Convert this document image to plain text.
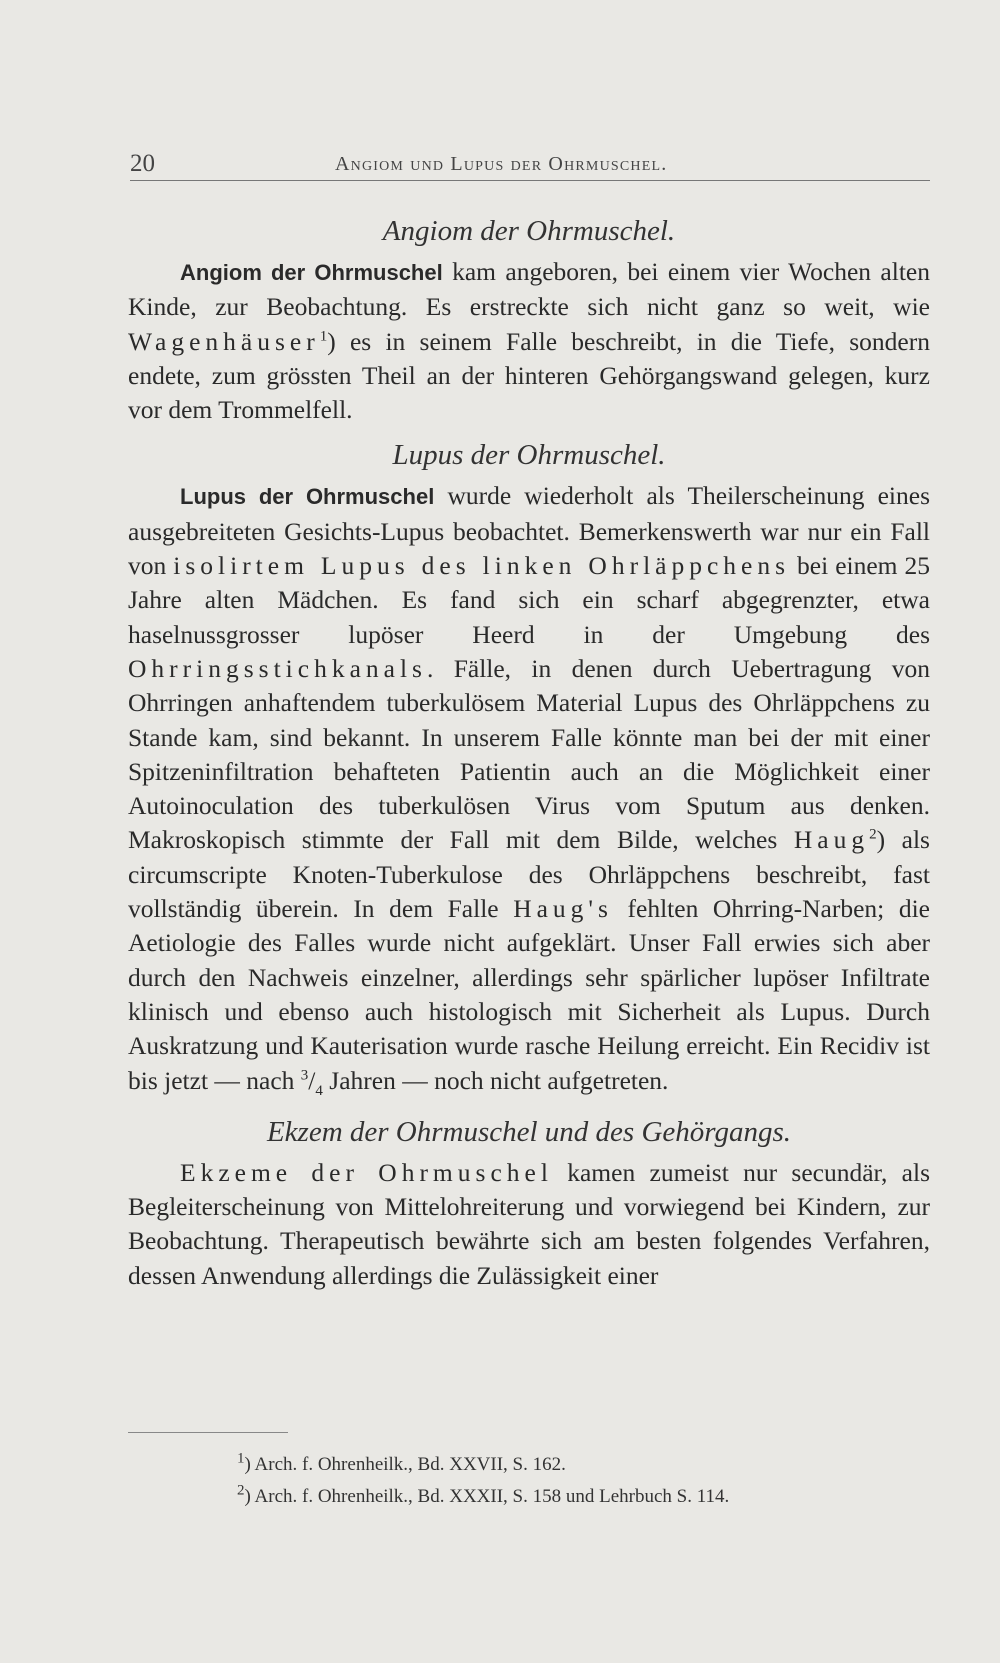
20	Angiom und Lupus der Ohrmuschel.
Angiom der Ohrmuschel.

Angiom der Ohrmuschel kam angeboren, bei einem vier Wochen alten Kinde, zur Beobachtung. Es erstreckte sich nicht ganz so weit, wie Wagenhäuser$^1$) es in seinem Falle beschreibt, in die Tiefe, sondern endete, zum grössten Theil an der hinteren Gehörgangswand gelegen, kurz vor dem Trommelfell.

Lupus der Ohrmuschel.

Lupus der Ohrmuschel wurde wiederholt als Theilerscheinung eines ausgebreiteten Gesichts-Lupus beobachtet. Bemerkenswerth war nur ein Fall von isolirtem Lupus des linken Ohrläppchens bei einem 25 Jahre alten Mädchen. Es fand sich ein scharf abgegrenzter, etwa haselnussgrosser lupöser Heerd in der Umgebung des Ohrringsstichkanals. Fälle, in denen durch Uebertragung von Ohrringen anhaftendem tuberkulösem Material Lupus des Ohrläppchens zu Stande kam, sind bekannt. In unserem Falle könnte man bei der mit einer Spitzeninfiltration behafteten Patientin auch an die Möglichkeit einer Autoinoculation des tuberkulösen Virus vom Sputum aus denken. Makroskopisch stimmte der Fall mit dem Bilde, welches Haug$^2$) als circumscripte Knoten-Tuberkulose des Ohrläppchens beschreibt, fast vollständig überein. In dem Falle Haug's fehlten Ohrring-Narben; die Aetiologie des Falles wurde nicht aufgeklärt. Unser Fall erwies sich aber durch den Nachweis einzelner, allerdings sehr spärlicher lupöser Infiltrate klinisch und ebenso auch histologisch mit Sicherheit als Lupus. Durch Auskratzung und Kauterisation wurde rasche Heilung erreicht. Ein Recidiv ist bis jetzt — nach $^3/_4$ Jahren — noch nicht aufgetreten.

Ekzem der Ohrmuschel und des Gehörgangs.

Ekzeme der Ohrmuschel kamen zumeist nur secundär, als Begleiterscheinung von Mittelohreiterung und vorwiegend bei Kindern, zur Beobachtung. Therapeutisch bewährte sich am besten folgendes Verfahren, dessen Anwendung allerdings die Zulässigkeit einer

$^1$) Arch. f. Ohrenheilk., Bd. XXVII, S. 162.

$^2$) Arch. f. Ohrenheilk., Bd. XXXII, S. 158 und Lehrbuch S. 114.
